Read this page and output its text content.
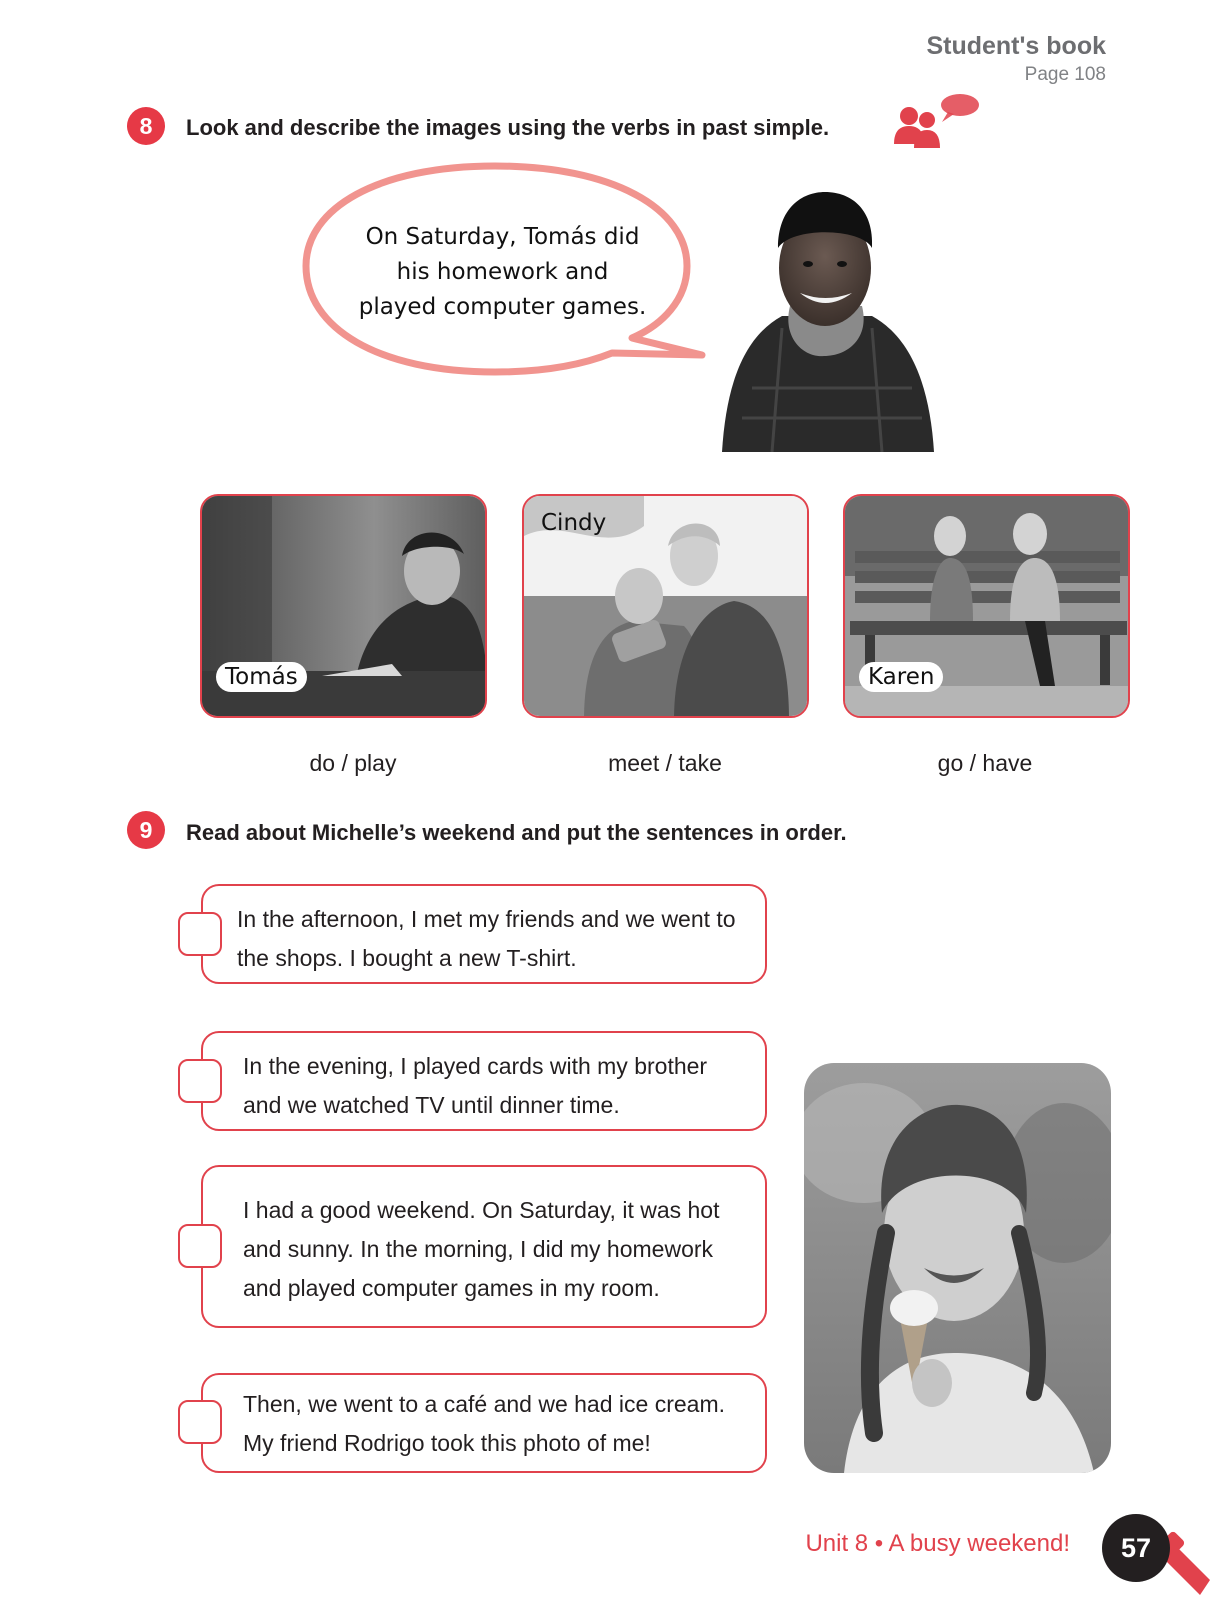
Student's book
Page 108
8	Look and describe the images using the verbs in past simple.
On Saturday, Tomás did his homework and played computer games.
Tomás
Cindy
Karen
do / play	meet / take	go / have
9	Read about Michelle’s weekend and put the sentences in order.
In the afternoon, I met my friends and we went to the shops. I bought a new T-shirt.
In the evening, I played cards with my brother and we watched TV until dinner time.
I had a good weekend. On Saturday, it was hot and sunny. In the morning, I did my homework and played computer games in my room.
Then, we went to a café and we had ice cream. My friend Rodrigo took this photo of me!
Unit 8 • A busy weekend!	57
